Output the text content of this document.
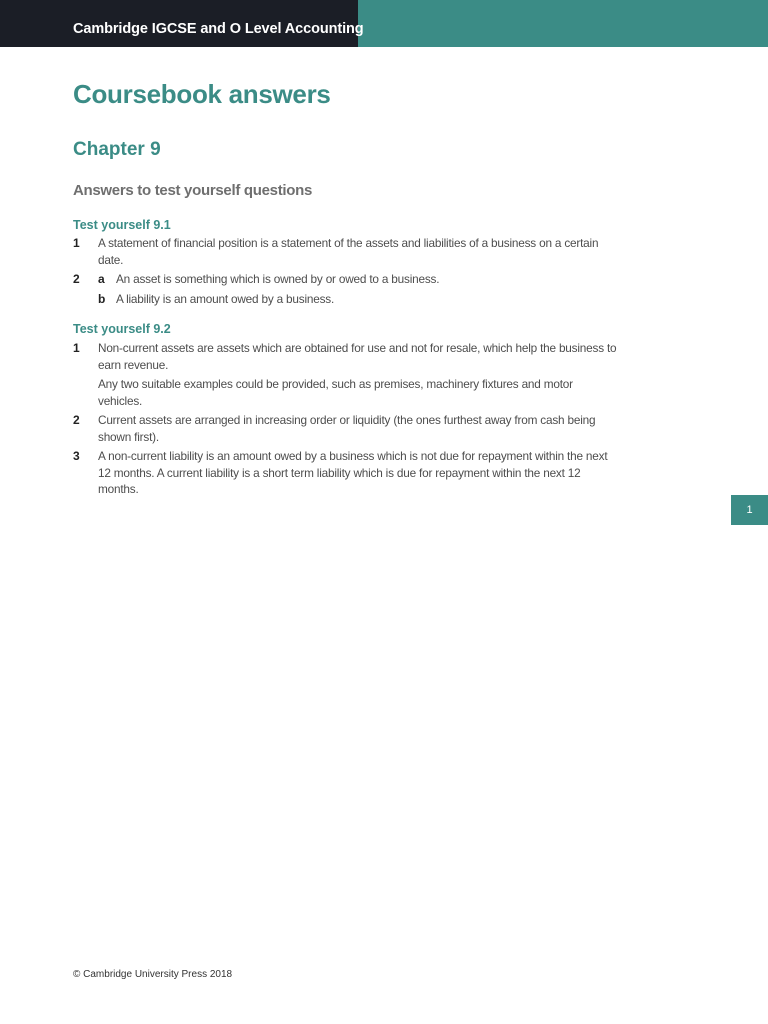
Cambridge IGCSE and O Level Accounting
Coursebook answers
Chapter 9
Answers to test yourself questions
Test yourself 9.1
1 A statement of financial position is a statement of the assets and liabilities of a business on a certain date.
2 a An asset is something which is owned by or owed to a business.
b A liability is an amount owed by a business.
Test yourself 9.2
1 Non-current assets are assets which are obtained for use and not for resale, which help the business to earn revenue.
Any two suitable examples could be provided, such as premises, machinery fixtures and motor vehicles.
2 Current assets are arranged in increasing order or liquidity (the ones furthest away from cash being shown first).
3 A non-current liability is an amount owed by a business which is not due for repayment within the next 12 months. A current liability is a short term liability which is due for repayment within the next 12 months.
1
© Cambridge University Press 2018
